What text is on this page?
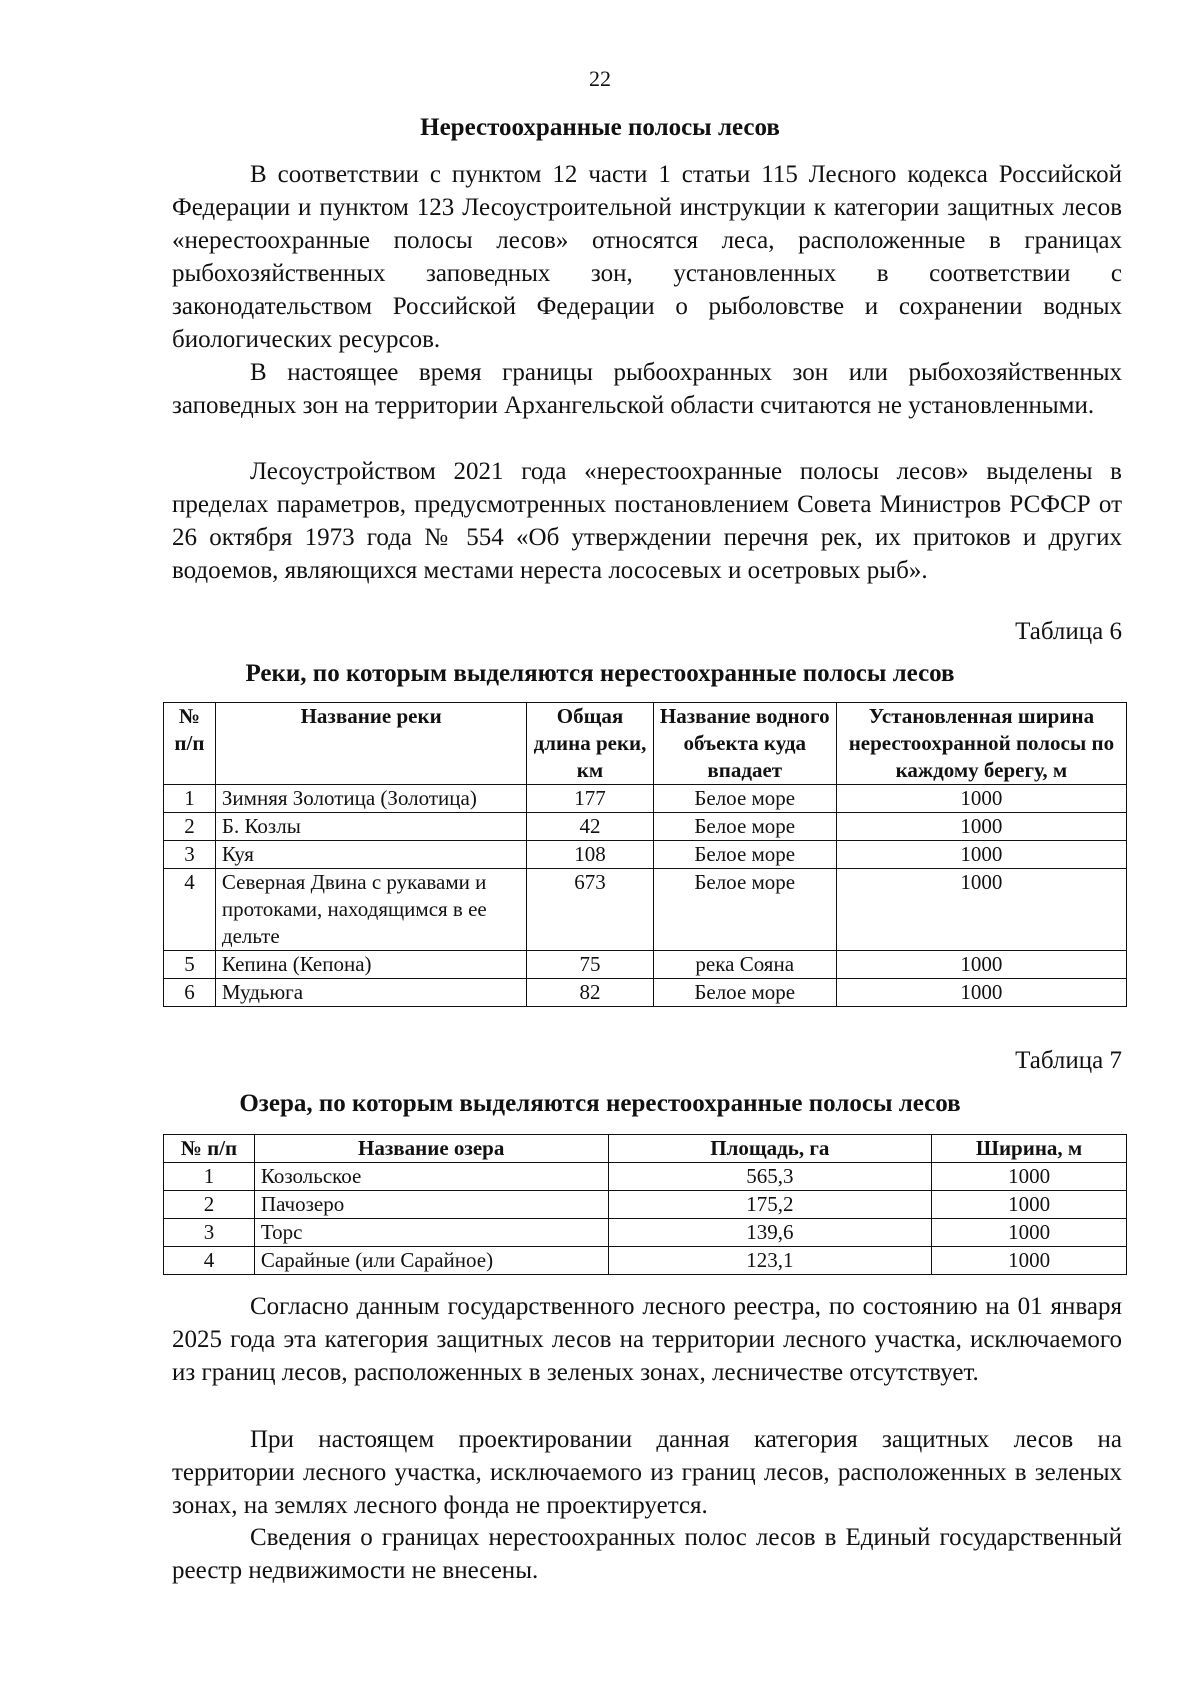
22
Нерестоохранные полосы лесов

В соответствии с пунктом 12 части 1 статьи 115 Лесного кодекса Российской Федерации и пунктом 123 Лесоустроительной инструкции к категории защитных лесов «нерестоохранные полосы лесов» относятся леса, расположенные в границах рыбохозяйственных заповедных зон, установленных в соответствии с законодательством Российской Федерации о рыболовстве и сохранении водных биологических ресурсов.

В настоящее время границы рыбоохранных зон или рыбохозяйственных заповедных зон на территории Архангельской области считаются не установленными.

Лесоустройством 2021 года «нерестоохранные полосы лесов» выделены в пределах параметров, предусмотренных постановлением Совета Министров РСФСР от 26 октября 1973 года № 554 «Об утверждении перечня рек, их притоков и других водоемов, являющихся местами нереста лососевых и осетровых рыб».

Таблица 6
Реки, по которым выделяются нерестоохранные полосы лесов
№ п/п	Название реки	Общая длина реки, км	Название водного объекта куда впадает	Установленная ширина нерестоохранной полосы по каждому берегу, м
1	Зимняя Золотица (Золотица)	177	Белое море	1000
2	Б. Козлы	42	Белое море	1000
3	Куя	108	Белое море	1000
4	Северная Двина с рукавами и протоками, находящимся в ее дельте	673	Белое море	1000
5	Кепина (Кепона)	75	река Сояна	1000
6	Мудьюга	82	Белое море	1000
Таблица 7
Озера, по которым выделяются нерестоохранные полосы лесов
№ п/п	Название озера	Площадь, га	Ширина, м
1	Козольское	565,3	1000
2	Пачозеро	175,2	1000
3	Торс	139,6	1000
4	Сарайные (или Сарайное)	123,1	1000

Согласно данным государственного лесного реестра, по состоянию на 01 января 2025 года эта категория защитных лесов на территории лесного участка, исключаемого из границ лесов, расположенных в зеленых зонах, лесничестве отсутствует.

При настоящем проектировании данная категория защитных лесов на территории лесного участка, исключаемого из границ лесов, расположенных в зеленых зонах, на землях лесного фонда не проектируется.

Сведения о границах нерестоохранных полос лесов в Единый государственный реестр недвижимости не внесены.
